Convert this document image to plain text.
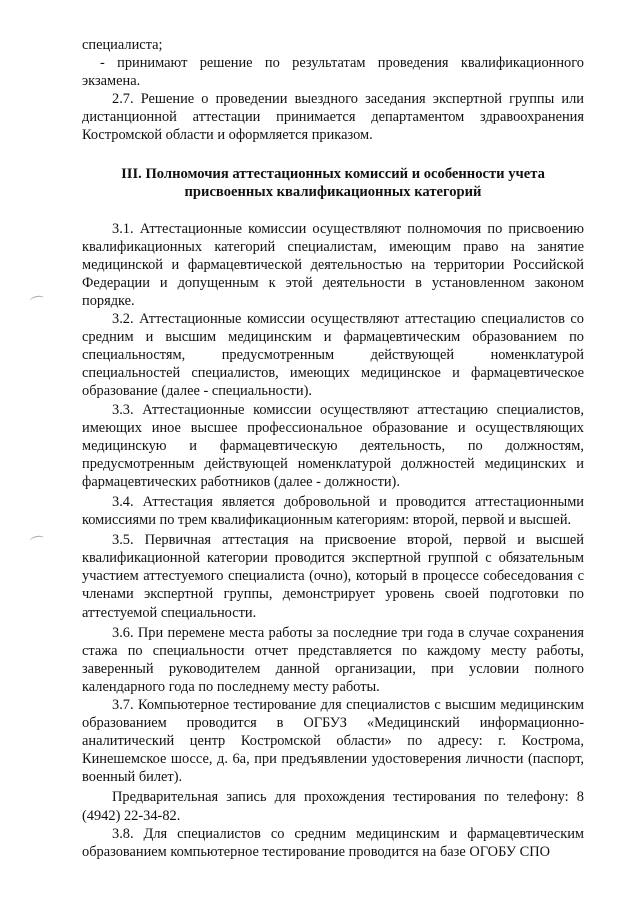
специалиста;

- принимают решение по результатам проведения квалификационного экзамена.

2.7. Решение о проведении выездного заседания экспертной группы или дистанционной аттестации принимается департаментом здравоохранения Костромской области и оформляется приказом.

III. Полномочия аттестационных комиссий и особенности учета
присвоенных квалификационных категорий

3.1. Аттестационные комиссии осуществляют полномочия по присвоению квалификационных категорий специалистам, имеющим право на занятие медицинской и фармацевтической деятельностью на территории Российской Федерации и допущенным к этой деятельности в установленном законом порядке.

3.2. Аттестационные комиссии осуществляют аттестацию специалистов со средним и высшим медицинским и фармацевтическим образованием по специальностям, предусмотренным действующей номенклатурой специальностей специалистов, имеющих медицинское и фармацевтическое образование (далее - специальности).

3.3. Аттестационные комиссии осуществляют аттестацию специалистов, имеющих иное высшее профессиональное образование и осуществляющих медицинскую и фармацевтическую деятельность, по должностям, предусмотренным действующей номенклатурой должностей медицинских и фармацевтических работников (далее - должности).

3.4. Аттестация является добровольной и проводится аттестационными комиссиями по трем квалификационным категориям: второй, первой и высшей.

3.5. Первичная аттестация на присвоение второй, первой и высшей квалификационной категории проводится экспертной группой с обязательным участием аттестуемого специалиста (очно), который в процессе собеседования с членами экспертной группы, демонстрирует уровень своей подготовки по аттестуемой специальности.

3.6. При перемене места работы за последние три года в случае сохранения стажа по специальности отчет представляется по каждому месту работы, заверенный руководителем данной организации, при условии полного календарного года по последнему месту работы.

3.7. Компьютерное тестирование для специалистов с высшим медицинским образованием проводится в ОГБУЗ «Медицинский информационно-аналитический центр Костромской области» по адресу: г. Кострома, Кинешемское шоссе, д. 6а, при предъявлении удостоверения личности (паспорт, военный билет).

Предварительная запись для прохождения тестирования по телефону: 8 (4942) 22-34-82.

3.8. Для специалистов со средним медицинским и фармацевтическим образованием компьютерное тестирование проводится на базе ОГОБУ СПО
